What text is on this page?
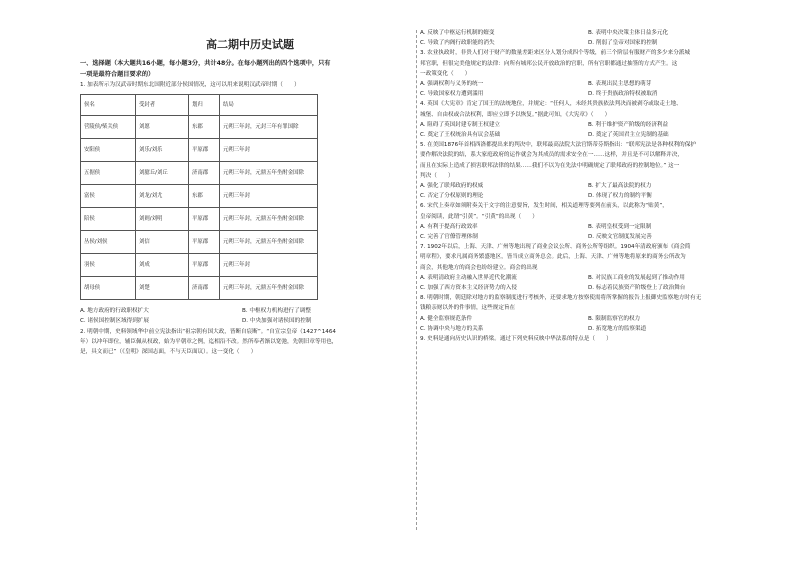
高二期中历史试题

一、选择题（本大题共16小题，每小题3分，共计48分。在每小题列出的四个选项中，只有
一项是最符合题目要求的）

1. 加表所示为汉武帝时期东北国附近部分侯国情况，这可以用来说明汉武帝时期（　　）

侯名	受封者	划归	结局
营陵侯/柴关侯	刘愿	东郡	元朔三年封，元封三年有罪国除
安阳侯	刘乐/刘乐	平原郡	元朔三年封
五据侯	刘臆丘/刘丘	济南郡	元朔三年封，元鼎五年坐酎金国除
富侯	刘龙/刘尤	东郡	元朔三年封
陪侯	刘则/刘明	平原郡	元朔三年封，元鼎五年坐酎金国除
丛侯/刘侯	刘信	平原郡	元朔三年封，元鼎五年坐酎金国除
羽侯	刘成	平原郡	元朔三年封
胡母侯	刘楚	济南郡	元朔三年封，元鼎五年坐酎金国除
A. 地方政府的行政职权扩大	B. 中枢权力机构进行了调整
C. 诸侯国控制区域得到扩展	D. 中央加强对诸侯国的控制

2. 明朝中期，史料领域华中前立宪法指出“祖宗朝有国大政，皆断自宸断”。“自宣宗皇帝（1427^1464

年）以冲年即位，辅臣佩从权政，始为平朝章之例，迄相沿不改。然所奉者渐以宽弛，先朝旧章等用也，

是，具文而已”（《皇明》深国志面，不与天臣面议）。这一变化（　　）

A. 反映了中枢运行机制的嬗变	B. 表明中央决策主体日益多元化
C. 导致了内阁行政职能的消失	D. 削弱了皇帝对国家的控制

3. 农业执政时，非贵人们对于财产的数量差距来区分人划分成四个等级，前三个阶层有服财产的多少来分派城

邦官职，但很完美他规定的法律：向所有城邦公民开放政治的官职，所有官职都通过抽签的方式产生。这

一政策变化（　　）

A. 强调权利与义务的统一	B. 表现出民主思想的萌芽
C. 导致国家权力遭到滥用	D. 终于贵族政治特权被取消

4. 英国《大宪章》肯定了国王的法统地位，并规定：“任何人，未经其贵族依法判决而被剥夺或取走土地、

城堡、自由权或合法权利，即应立即予以恢复。”据此可知，《大宪章》（　　）

A. 阻碍了英国封建专制王权建立	B. 利于维护资产阶级的经济利益
C. 奠定了王权统治具有议会基础	D. 奠定了英国君主立宪制的基础

5. 在美国1876年首相西洛都提出来的判决中，联邦最高法院大法官斯蒂芬斯指出：“联邦宪法是各种权利的保护

要作解决法院的结，系大家庭政府的运作就会为其成员的需求安全在一……这样，并且是不可以解释并决，

而且在实际上造成了损害联邦法律的结果……我们不以为在先法中明确规定了联邦政府的控制地位。” 这一

判决（　　）

A. 强化了联邦政府的权威	B. 扩大了最高法院的权力
C. 否定了分权原则的理论	D. 体现了权力的制约平衡

6. 宋代上奏章如须附奏关于文字的注意要旨，发生时间，相关道理等要列在前头，以此称为“贴黄”，

皇帝阅读，此谓“引黄”。“引黄”的出现（　　）

A. 有利于提高行政效率	B. 表明皇权受到一定限制
C. 完善了官僚管理体制	D. 反映文官制度发展完善

7. 1902年以后，上海、天津、广州等地出现了商业会议公所、商务公所等组织。1904年清政府颁布《商会简

明章程》，要求凡属商务繁盛地区，皆当成立商务总会。此后，上海、天津、广州等地将原来的商务公所改为

商会，其他地方的商会也纷纷建立。商会的出现

A. 表明清政府主动融入世界近代化潮流	B. 对民族工商业的发展起到了推动作用
C. 加强了西方资本主义经济势力的入侵	D. 标志着民族资产阶级登上了政治舞台

8. 明朝时期，朝廷除对地方的监察制度进行考核外，还要求地方按察使需将所掌握的报告上报御史监察地方时有无

钱粮亲财以外的件事情，这些规定旨在

A. 健全监察规范条件	B. 限制监察官的权力
C. 协调中央与地方的关系	D. 拓宽地方的监察渠道

9. 史料是通向历史认识的桥梁。通过下列史料反映中华法系的特点是（　　）
